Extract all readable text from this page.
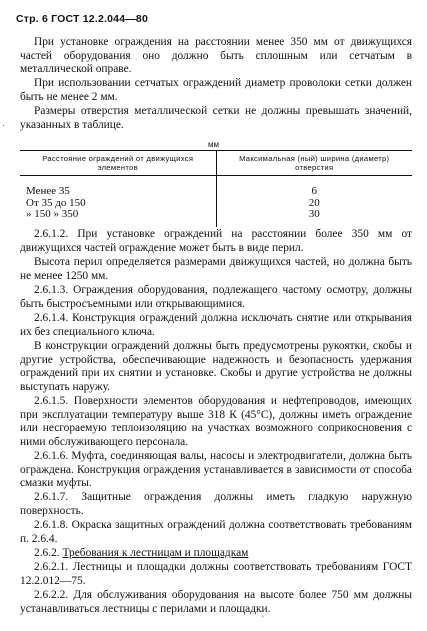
Стр. 6 ГОСТ 12.2.044—80
При установке ограждения на расстоянии менее 350 мм от движущихся частей оборудования оно должно быть сплошным или сетчатым в металлической оправе.
При использовании сетчатых ограждений диаметр проволоки сетки должен быть не менее 2 мм.
Размеры отверстия металлической сетки не должны превышать значений, указанных в таблице.
мм
Расстояние ограждений от движущихся элементов	Максимальная (ный) ширина (диаметр) отверстия
Менее 35	6
От 35 до 150	20
» 150 » 350	30
2.6.1.2. При установке ограждений на расстоянии более 350 мм от движущихся частей ограждение может быть в виде перил.
Высота перил определяется размерами движущихся частей, но должна быть не менее 1250 мм.
2.6.1.3. Ограждения оборудования, подлежащего частому осмотру, должны быть быстросъемными или открывающимися.
2.6.1.4. Конструкция ограждений должна исключать снятие или открывания их без специального ключа.
В конструкции ограждений должны быть предусмотрены рукоятки, скобы и другие устройства, обеспечивающие надежность и безопасность удержания ограждений при их снятии и установке. Скобы и другие устройства не должны выступать наружу.
2.6.1.5. Поверхности элементов оборудования и нефтепроводов, имеющих при эксплуатации температуру выше 318 К (45°С), должны иметь ограждение или несгораемую теплоизоляцию на участках возможного соприкосновения с ними обслуживающего персонала.
2.6.1.6. Муфта, соединяющая валы, насосы и электродвигатели, должна быть ограждена. Конструкция ограждения устанавливается в зависимости от способа смазки муфты.
2.6.1.7. Защитные ограждения должны иметь гладкую наружную поверхность.
2.6.1.8. Окраска защитных ограждений должна соответствовать требованиям п. 2.6.4.
2.6.2. Требования к лестницам и площадкам
2.6.2.1. Лестницы и площадки должны соответствовать требованиям ГОСТ 12.2.012—75.
2.6.2.2. Для обслуживания оборудования на высоте более 750 мм должны устанавливаться лестницы с перилами и площадки.
·
'
